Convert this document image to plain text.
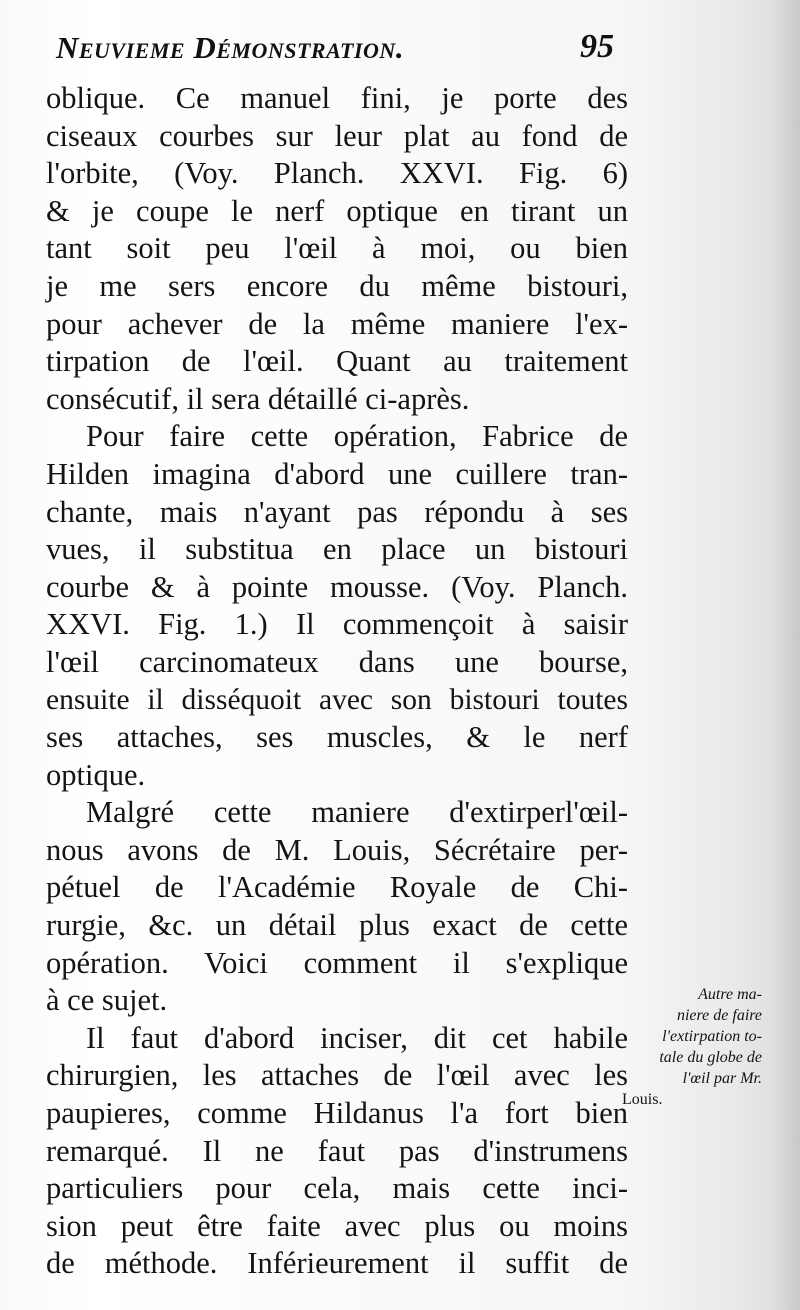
Neuvieme Démonstration.	95
oblique. Ce manuel fini, je porte des
ciseaux courbes sur leur plat au fond de
l'orbite, (Voy. Planch. XXVI. Fig. 6)
& je coupe le nerf optique en tirant un
tant soit peu l'œil à moi, ou bien
je me sers encore du même bistouri,
pour achever de la même maniere l'ex-
tirpation de l'œil. Quant au traitement
consécutif, il sera détaillé ci-après.
Pour faire cette opération, Fabrice de
Hilden imagina d'abord une cuillere tran-
chante, mais n'ayant pas répondu à ses
vues, il substitua en place un bistouri
courbe & à pointe mousse. (Voy. Planch.
XXVI. Fig. 1.) Il commençoit à saisir
l'œil carcinomateux dans une bourse,
ensuite il disséquoit avec son bistouri toutes
ses attaches, ses muscles, & le nerf
optique.
Malgré cette maniere d'extirperl'œil-
nous avons de M. Louis, Sécrétaire per-
pétuel de l'Académie Royale de Chi-
rurgie, &c. un détail plus exact de cette
opération. Voici comment il s'explique
à ce sujet.
Il faut d'abord inciser, dit cet habile
chirurgien, les attaches de l'œil avec les
paupieres, comme Hildanus l'a fort bien
remarqué. Il ne faut pas d'instrumens
particuliers pour cela, mais cette inci-
sion peut être faite avec plus ou moins
de méthode. Inférieurement il suffit de
Autre ma-
niere de faire
l'extirpation to-
tale du globe de
l'œil par Mr.
Louis.
